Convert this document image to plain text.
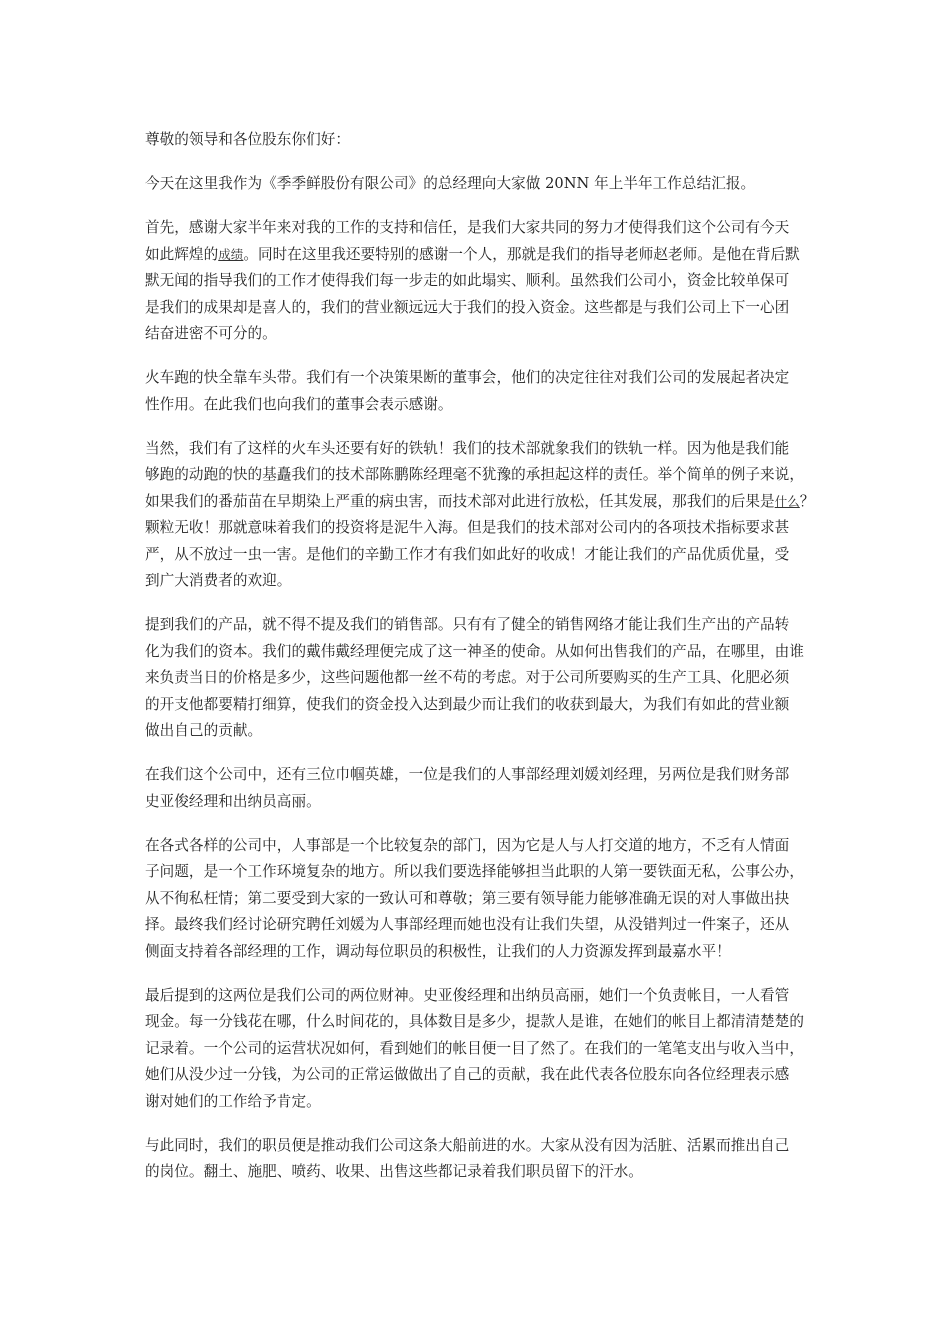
尊敬的领导和各位股东你们好：
今天在这里我作为《季季鲜股份有限公司》的总经理向大家做 20NN 年上半年工作总结汇报。
首先，感谢大家半年来对我的工作的支持和信任，是我们大家共同的努力才使得我们这个公司有今天
如此辉煌的成绩。同时在这里我还要特别的感谢一个人，那就是我们的指导老师赵老师。是他在背后默
默无闻的指导我们的工作才使得我们每一步走的如此塌实、顺利。虽然我们公司小，资金比较单保可
是我们的成果却是喜人的，我们的营业额远远大于我们的投入资金。这些都是与我们公司上下一心团
结奋进密不可分的。
火车跑的快全靠车头带。我们有一个决策果断的董事会，他们的决定往往对我们公司的发展起者决定
性作用。在此我们也向我们的董事会表示感谢。
当然，我们有了这样的火车头还要有好的铁轨！我们的技术部就象我们的铁轨一样。因为他是我们能
够跑的动跑的快的基矗我们的技术部陈鹏陈经理毫不犹豫的承担起这样的责任。举个简单的例子来说，
如果我们的番茄苗在早期染上严重的病虫害，而技术部对此进行放松，任其发展，那我们的后果是什么？
颗粒无收！那就意味着我们的投资将是泥牛入海。但是我们的技术部对公司内的各项技术指标要求甚
严，从不放过一虫一害。是他们的辛勤工作才有我们如此好的收成！才能让我们的产品优质优量，受
到广大消费者的欢迎。
提到我们的产品，就不得不提及我们的销售部。只有有了健全的销售网络才能让我们生产出的产品转
化为我们的资本。我们的戴伟戴经理便完成了这一神圣的使命。从如何出售我们的产品，在哪里，由谁
来负责当日的价格是多少，这些问题他都一丝不苟的考虑。对于公司所要购买的生产工具、化肥必须
的开支他都要精打细算，使我们的资金投入达到最少而让我们的收获到最大，为我们有如此的营业额
做出自己的贡献。
在我们这个公司中，还有三位巾帼英雄，一位是我们的人事部经理刘媛刘经理，另两位是我们财务部
史亚俊经理和出纳员高丽。
在各式各样的公司中，人事部是一个比较复杂的部门，因为它是人与人打交道的地方，不乏有人情面
子问题，是一个工作环境复杂的地方。所以我们要选择能够担当此职的人第一要铁面无私，公事公办，
从不徇私枉情；第二要受到大家的一致认可和尊敬；第三要有领导能力能够准确无误的对人事做出抉
择。最终我们经讨论研究聘任刘媛为人事部经理而她也没有让我们失望，从没错判过一件案子，还从
侧面支持着各部经理的工作，调动每位职员的积极性，让我们的人力资源发挥到最嘉水平！
最后提到的这两位是我们公司的两位财神。史亚俊经理和出纳员高丽，她们一个负责帐目，一人看管
现金。每一分钱花在哪，什么时间花的，具体数目是多少，提款人是谁，在她们的帐目上都清清楚楚的
记录着。一个公司的运营状况如何，看到她们的帐目便一目了然了。在我们的一笔笔支出与收入当中，
她们从没少过一分钱，为公司的正常运做做出了自己的贡献，我在此代表各位股东向各位经理表示感
谢对她们的工作给予肯定。
与此同时，我们的职员便是推动我们公司这条大船前进的水。大家从没有因为活脏、活累而推出自己
的岗位。翻土、施肥、喷药、收果、出售这些都记录着我们职员留下的汗水。
